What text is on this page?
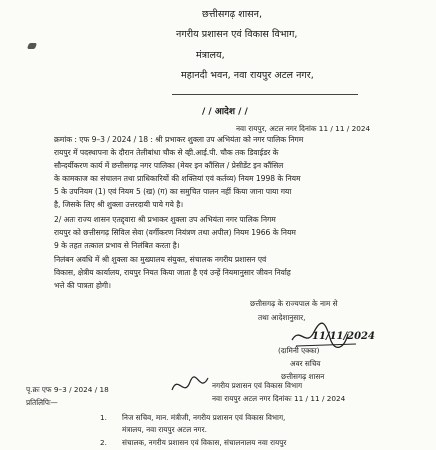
छत्तीसगढ़ शासन,
नगरीय प्रशासन एवं विकास विभाग,
मंत्रालय,
महानदी भवन, नवा रायपुर अटल नगर,
/ / आदेश / /
नवा रायपुर, अटल नगर दिनांक 11 / 11 / 2024
क्रमांक : एफ 9–3 / 2024 / 18 : श्री प्रभाकर शुक्ला उप अभियंता को नगर पालिक निगम
रायपुर में पदस्थापना के दौरान तेलीबांधा चौक से व्ही.आई.पी. चौक तक डिवाईडर के
सौन्दर्यीकरण कार्य में छत्तीसगढ़ नगर पालिका (मेयर इन कौंसिल / प्रेसीडेंट इन कौंसिल
के कामकाज का संचालन तथा प्राधिकारियों की शक्तियां एवं कर्तव्य) नियम 1998 के नियम
5 के उपनियम (1) एवं नियम 5 (ख) (ग) का समुचित पालन नहीं किया जाना पाया गया
है, जिसके लिए श्री शुक्ला उत्तरदायी पाये गये है।
2/ अतः राज्य शासन एतद्द्वारा श्री प्रभाकर शुक्ला उप अभियंता नगर पालिक निगम
रायपुर को छत्तीसगढ़ सिविल सेवा (वर्गीकरण नियंत्रण तथा अपील) नियम 1966 के नियम
9 के तहत तत्काल प्रभाव से निलंबित करता है।
निलंबन अवधि में श्री शुक्ला का मुख्यालय संयुक्त, संचालक नगरीय प्रशासन एवं
विकास, क्षेत्रीय कार्यालय, रायपुर नियत किया जाता है एवं उन्हें नियमानुसार जीवन निर्वाह
भत्ते की पात्रता होगी।
छत्तीसगढ़ के राज्यपाल के नाम से
तथा आदेशानुसार,
11/11/2024
(दामिनी एक्का)
अवर सचिव
छत्तीसगढ़ शासन
पृ.क्रः एफ 9–3 / 2024 / 18	नगरीय प्रशासन एवं विकास विभाग
नवा रायपुर अटल नगर दिनांकः 11 / 11 / 2024
प्रतिलिपिः—
1. निज सचिव, मान. मंत्रीजी, नगरीय प्रशासन एवं विकास विभाग,
मंत्रालय, नवा रायपुर अटल नगर.
2. संचालक, नगरीय प्रशासन एवं विकास, संचालनालय नवा रायपुर
